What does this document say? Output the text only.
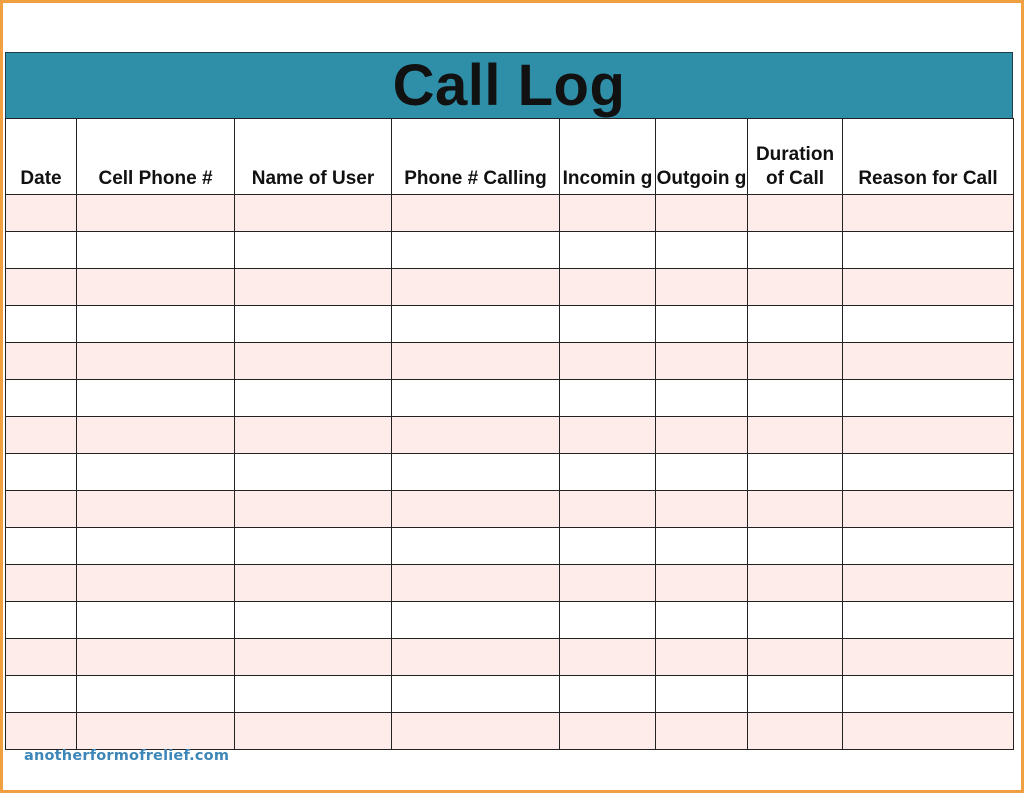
Call Log
Date	Cell Phone #	Name of User	Phone # Calling	Incomin g	Outgoin g	Duration of Call	Reason for Call

anotherformofrelief.com
